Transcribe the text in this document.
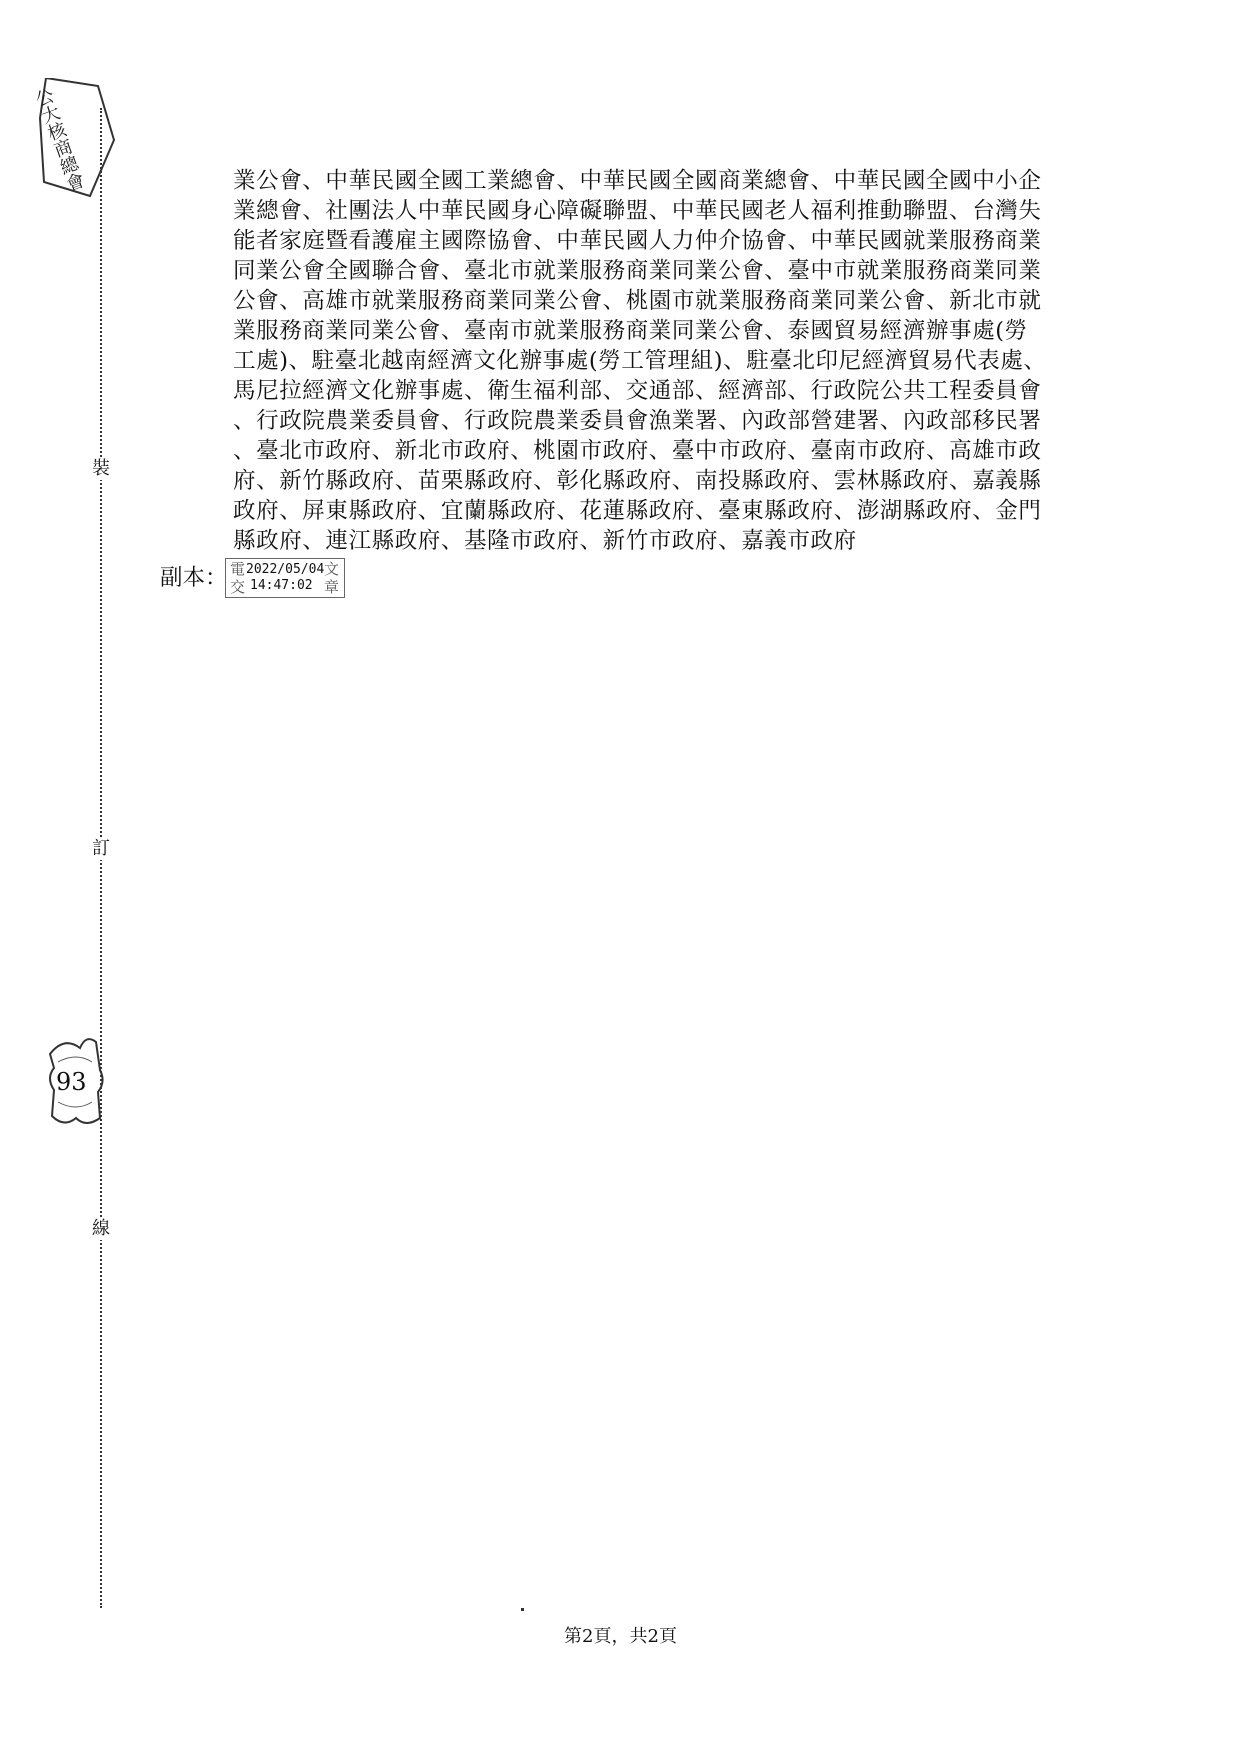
公大核商總會
裝
訂
線
93
業公會、中華民國全國工業總會、中華民國全國商業總會、中華民國全國中小企
業總會、社團法人中華民國身心障礙聯盟、中華民國老人福利推動聯盟、台灣失
能者家庭暨看護雇主國際協會、中華民國人力仲介協會、中華民國就業服務商業
同業公會全國聯合會、臺北市就業服務商業同業公會、臺中市就業服務商業同業
公會、高雄市就業服務商業同業公會、桃園市就業服務商業同業公會、新北市就
業服務商業同業公會、臺南市就業服務商業同業公會、泰國貿易經濟辦事處(勞
工處)、駐臺北越南經濟文化辦事處(勞工管理組)、駐臺北印尼經濟貿易代表處、
馬尼拉經濟文化辦事處、衛生福利部、交通部、經濟部、行政院公共工程委員會
、行政院農業委員會、行政院農業委員會漁業署、內政部營建署、內政部移民署
、臺北市政府、新北市政府、桃園市政府、臺中市政府、臺南市政府、高雄市政
府、新竹縣政府、苗栗縣政府、彰化縣政府、南投縣政府、雲林縣政府、嘉義縣
政府、屏東縣政府、宜蘭縣政府、花蓮縣政府、臺東縣政府、澎湖縣政府、金門
縣政府、連江縣政府、基隆市政府、新竹市政府、嘉義市政府
副本： 電交
2022/05/04
14:47:02
文章
第2頁，共2頁
